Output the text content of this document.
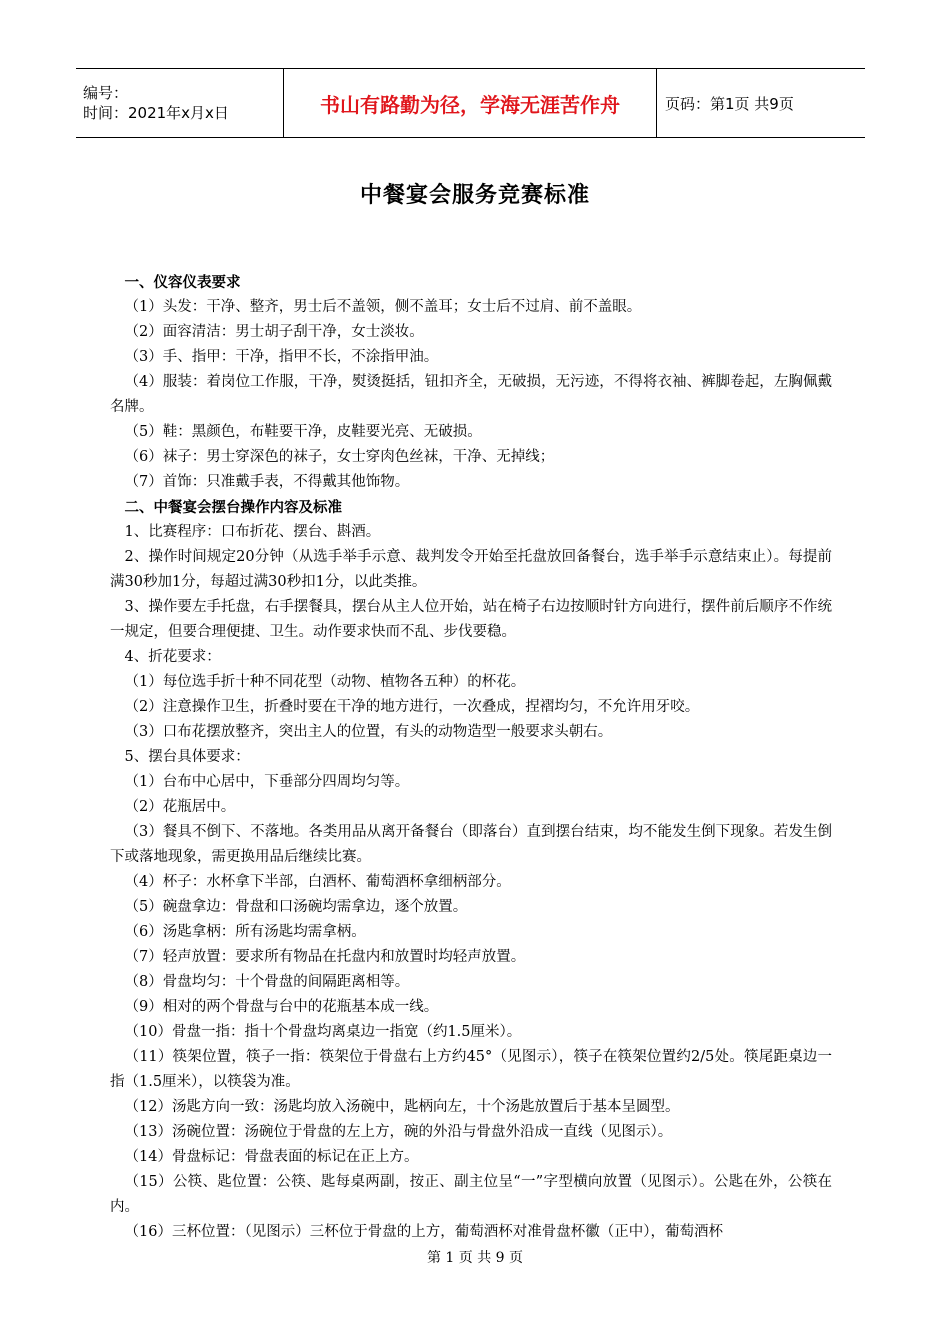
编号：
时间：2021年x月x日	书山有路勤为径，学海无涯苦作舟	页码：第1页 共9页
中餐宴会服务竞赛标准

一、仪容仪表要求

（1）头发：干净、整齐，男士后不盖领，侧不盖耳；女士后不过肩、前不盖眼。

（2）面容清洁：男士胡子刮干净，女士淡妆。

（3）手、指甲：干净，指甲不长，不涂指甲油。

（4）服装：着岗位工作服，干净，熨烫挺括，钮扣齐全，无破损，无污迹，不得将衣袖、裤脚卷起，左胸佩戴名牌。

（5）鞋：黑颜色，布鞋要干净，皮鞋要光亮、无破损。

（6）袜子：男士穿深色的袜子，女士穿肉色丝袜，干净、无掉线；

（7）首饰：只准戴手表，不得戴其他饰物。

二、中餐宴会摆台操作内容及标准

1、比赛程序：口布折花、摆台、斟酒。

2、操作时间规定20分钟（从选手举手示意、裁判发令开始至托盘放回备餐台，选手举手示意结束止）。每提前满30秒加1分，每超过满30秒扣1分，以此类推。

3、操作要左手托盘，右手摆餐具，摆台从主人位开始，站在椅子右边按顺时针方向进行，摆件前后顺序不作统一规定，但要合理便捷、卫生。动作要求快而不乱、步伐要稳。

4、折花要求：

（1）每位选手折十种不同花型（动物、植物各五种）的杯花。

（2）注意操作卫生，折叠时要在干净的地方进行，一次叠成，捏褶均匀，不允许用牙咬。

（3）口布花摆放整齐，突出主人的位置，有头的动物造型一般要求头朝右。

5、摆台具体要求：

（1）台布中心居中，下垂部分四周均匀等。

（2）花瓶居中。

（3）餐具不倒下、不落地。各类用品从离开备餐台（即落台）直到摆台结束，均不能发生倒下现象。若发生倒下或落地现象，需更换用品后继续比赛。

（4）杯子：水杯拿下半部，白酒杯、葡萄酒杯拿细柄部分。

（5）碗盘拿边：骨盘和口汤碗均需拿边，逐个放置。

（6）汤匙拿柄：所有汤匙均需拿柄。

（7）轻声放置：要求所有物品在托盘内和放置时均轻声放置。

（8）骨盘均匀：十个骨盘的间隔距离相等。

（9）相对的两个骨盘与台中的花瓶基本成一线。

（10）骨盘一指：指十个骨盘均离桌边一指宽（约1.5厘米）。

（11）筷架位置，筷子一指：筷架位于骨盘右上方约45°（见图示），筷子在筷架位置约2/5处。筷尾距桌边一指（1.5厘米），以筷袋为准。

（12）汤匙方向一致：汤匙均放入汤碗中，匙柄向左，十个汤匙放置后于基本呈圆型。

（13）汤碗位置：汤碗位于骨盘的左上方，碗的外沿与骨盘外沿成一直线（见图示）。

（14）骨盘标记：骨盘表面的标记在正上方。

（15）公筷、匙位置：公筷、匙每桌两副，按正、副主位呈“一”字型横向放置（见图示）。公匙在外，公筷在内。

（16）三杯位置：（见图示）三杯位于骨盘的上方，葡萄酒杯对准骨盘杯徽（正中），葡萄酒杯

第 1 页 共 9 页
